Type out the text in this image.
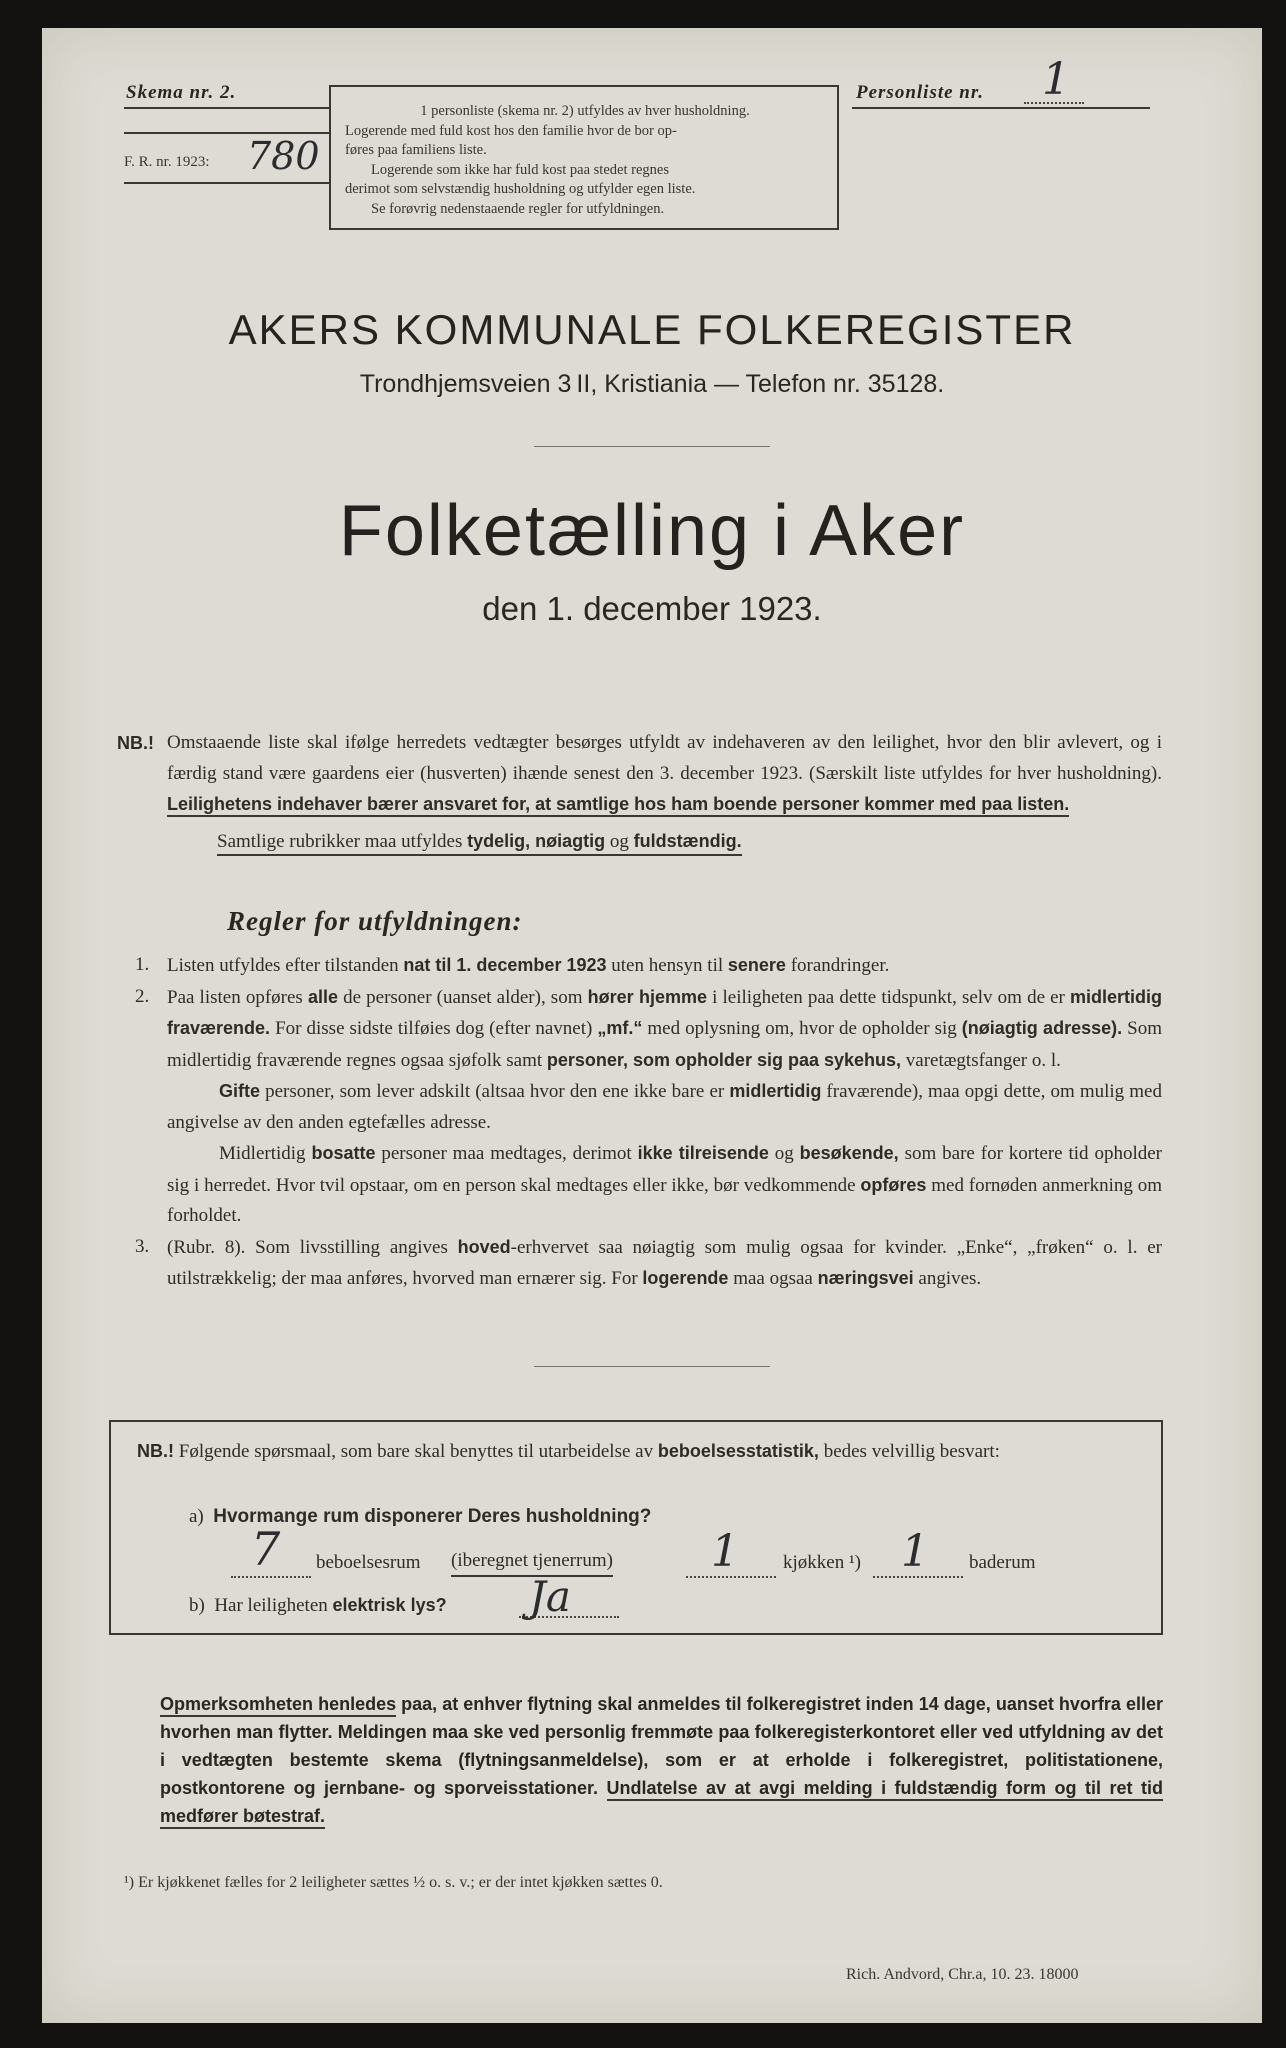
Skema nr. 2.
F. R. nr. 1923: 780

1 personliste (skema nr. 2) utfyldes av hver husholdning.

Logerende med fuld kost hos den familie hvor de bor op-

føres paa familiens liste.

Logerende som ikke har fuld kost paa stedet regnes

derimot som selvstændig husholdning og utfylder egen liste.

Se forøvrig nedenstaaende regler for utfyldningen.

Personliste nr. 1
AKERS KOMMUNALE FOLKEREGISTER
Trondhjemsveien 3 II, Kristiania — Telefon nr. 35128.
Folketælling i Aker
den 1. december 1923.
NB.! Omstaaende liste skal ifølge herredets vedtægter besørges utfyldt av indehaveren av den leilighet, hvor den blir avlevert, og i færdig stand være gaardens eier (husverten) ihænde senest den 3. december 1923. (Særskilt liste utfyldes for hver husholdning). Leilighetens indehaver bærer ansvaret for, at samtlige hos ham boende personer kommer med paa listen.
Samtlige rubrikker maa utfyldes tydelig, nøiagtig og fuldstændig.
Regler for utfyldningen:

1. Listen utfyldes efter tilstanden nat til 1. december 1923 uten hensyn til senere forandringer.

2. Paa listen opføres alle de personer (uanset alder), som hører hjemme i leiligheten paa dette tidspunkt, selv om de er midlertidig fraværende. For disse sidste tilføies dog (efter navnet) „mf.“ med oplysning om, hvor de opholder sig (nøiagtig adresse). Som midlertidig fraværende regnes ogsaa sjøfolk samt personer, som opholder sig paa sykehus, varetægtsfanger o. l.

Gifte personer, som lever adskilt (altsaa hvor den ene ikke bare er midlertidig fraværende), maa opgi dette, om mulig med angivelse av den anden egtefælles adresse.

Midlertidig bosatte personer maa medtages, derimot ikke tilreisende og besøkende, som bare for kortere tid opholder sig i herredet. Hvor tvil opstaar, om en person skal medtages eller ikke, bør vedkommende opføres med fornøden anmerkning om forholdet.

3. (Rubr. 8). Som livsstilling angives hoved-erhvervet saa nøiagtig som mulig ogsaa for kvinder. „Enke“, „frøken“ o. l. er utilstrækkelig; der maa anføres, hvorved man ernærer sig. For logerende maa ogsaa næringsvei angives.

NB.! Følgende spørsmaal, som bare skal benyttes til utarbeidelse av beboelsesstatistik, bedes velvillig besvart:
a) Hvormange rum disponerer Deres husholdning?
7 beboelsesrum (iberegnet tjenerrum) 1 kjøkken ¹) 1 baderum
b) Har leiligheten elektrisk lys? Ja
Opmerksomheten henledes paa, at enhver flytning skal anmeldes til folkeregistret inden 14 dage, uanset hvorfra eller hvorhen man flytter. Meldingen maa ske ved personlig fremmøte paa folkeregisterkontoret eller ved utfyldning av det i vedtægten bestemte skema (flytningsanmeldelse), som er at erholde i folkeregistret, politistationene, postkontorene og jernbane- og sporveisstationer. Undlatelse av at avgi melding i fuldstændig form og til ret tid medfører bøtestraf.
¹) Er kjøkkenet fælles for 2 leiligheter sættes ½ o. s. v.; er der intet kjøkken sættes 0.
Rich. Andvord, Chr.a, 10. 23. 18000
